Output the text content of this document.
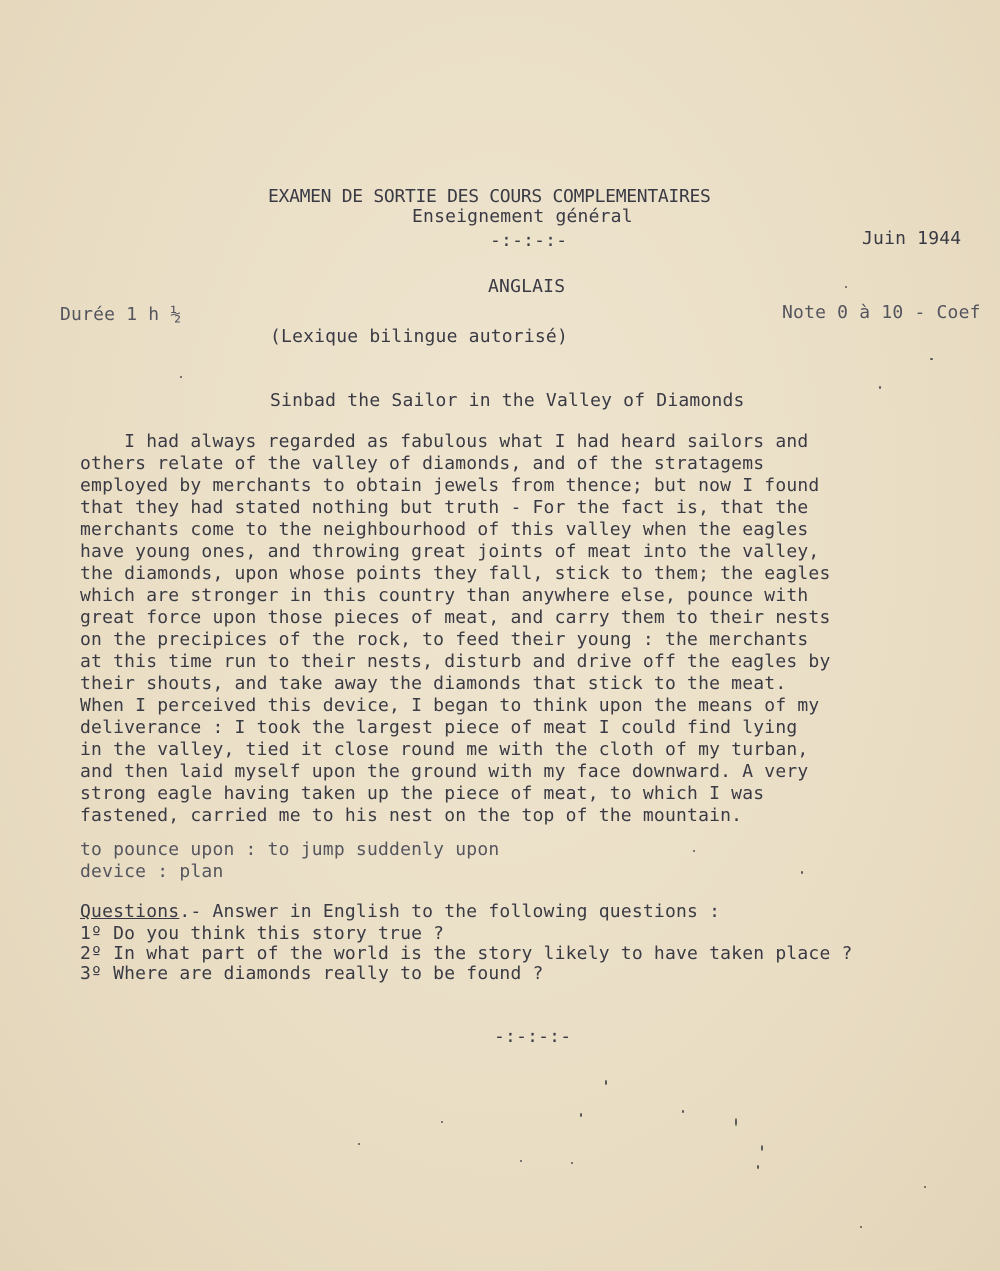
EXAMEN DE SORTIE DES COURS COMPLEMENTAIRES
Enseignement général
-:-:-:-	Juin 1944
ANGLAIS
Durée 1 h ½	Note 0 à 10 - Coef
(Lexique bilingue autorisé)
Sinbad the Sailor in the Valley of Diamonds
I had always regarded as fabulous what I had heard sailors and
others relate of the valley of diamonds, and of the stratagems
employed by merchants to obtain jewels from thence; but now I found
that they had stated nothing but truth - For the fact is, that the
merchants come to the neighbourhood of this valley when the eagles
have young ones, and throwing great joints of meat into the valley,
the diamonds, upon whose points they fall, stick to them; the eagles
which are stronger in this country than anywhere else, pounce with
great force upon those pieces of meat, and carry them to their nests
on the precipices of the rock, to feed their young : the merchants
at this time run to their nests, disturb and drive off the eagles by
their shouts, and take away the diamonds that stick to the meat.
When I perceived this device, I began to think upon the means of my
deliverance : I took the largest piece of meat I could find lying
in the valley, tied it close round me with the cloth of my turban,
and then laid myself upon the ground with my face downward. A very
strong eagle having taken up the piece of meat, to which I was
fastened, carried me to his nest on the top of the mountain.
to pounce upon : to jump suddenly upon
device : plan
Questions.- Answer in English to the following questions :
1º Do you think this story true ?
2º In what part of the world is the story likely to have taken place ?
3º Where are diamonds really to be found ?
-:-:-:-
